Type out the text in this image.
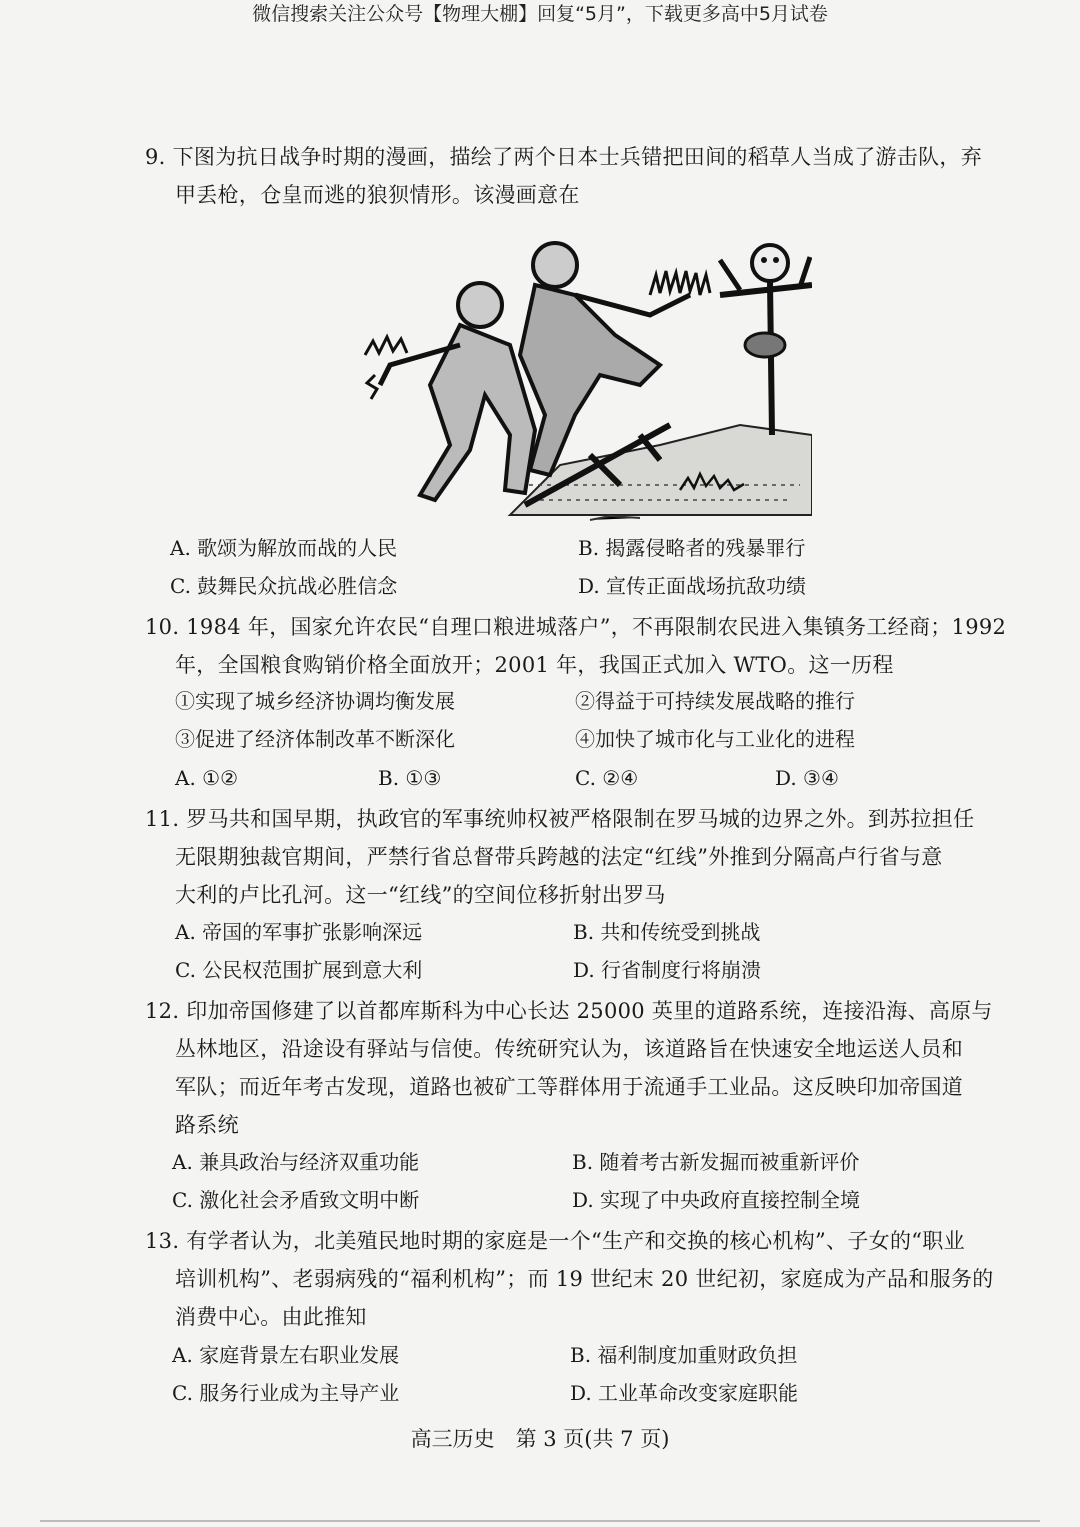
微信搜索关注公众号【物理大棚】回复“5月”，下载更多高中5月试卷
9. 下图为抗日战争时期的漫画，描绘了两个日本士兵错把田间的稻草人当成了游击队，弃
甲丢枪，仓皇而逃的狼狈情形。该漫画意在
A. 歌颂为解放而战的人民	B. 揭露侵略者的残暴罪行
C. 鼓舞民众抗战必胜信念	D. 宣传正面战场抗敌功绩
10. 1984 年，国家允许农民“自理口粮进城落户”，不再限制农民进入集镇务工经商；1992
年，全国粮食购销价格全面放开；2001 年，我国正式加入 WTO。这一历程
①实现了城乡经济协调均衡发展	②得益于可持续发展战略的推行
③促进了经济体制改革不断深化	④加快了城市化与工业化的进程
A. ①②	B. ①③	C. ②④	D. ③④
11. 罗马共和国早期，执政官的军事统帅权被严格限制在罗马城的边界之外。到苏拉担任
无限期独裁官期间，严禁行省总督带兵跨越的法定“红线”外推到分隔高卢行省与意
大利的卢比孔河。这一“红线”的空间位移折射出罗马
A. 帝国的军事扩张影响深远	B. 共和传统受到挑战
C. 公民权范围扩展到意大利	D. 行省制度行将崩溃
12. 印加帝国修建了以首都库斯科为中心长达 25000 英里的道路系统，连接沿海、高原与
丛林地区，沿途设有驿站与信使。传统研究认为，该道路旨在快速安全地运送人员和
军队；而近年考古发现，道路也被矿工等群体用于流通手工业品。这反映印加帝国道
路系统
A. 兼具政治与经济双重功能	B. 随着考古新发掘而被重新评价
C. 激化社会矛盾致文明中断	D. 实现了中央政府直接控制全境
13. 有学者认为，北美殖民地时期的家庭是一个“生产和交换的核心机构”、子女的“职业
培训机构”、老弱病残的“福利机构”；而 19 世纪末 20 世纪初，家庭成为产品和服务的
消费中心。由此推知
A. 家庭背景左右职业发展	B. 福利制度加重财政负担
C. 服务行业成为主导产业	D. 工业革命改变家庭职能
高三历史　第 3 页(共 7 页)
